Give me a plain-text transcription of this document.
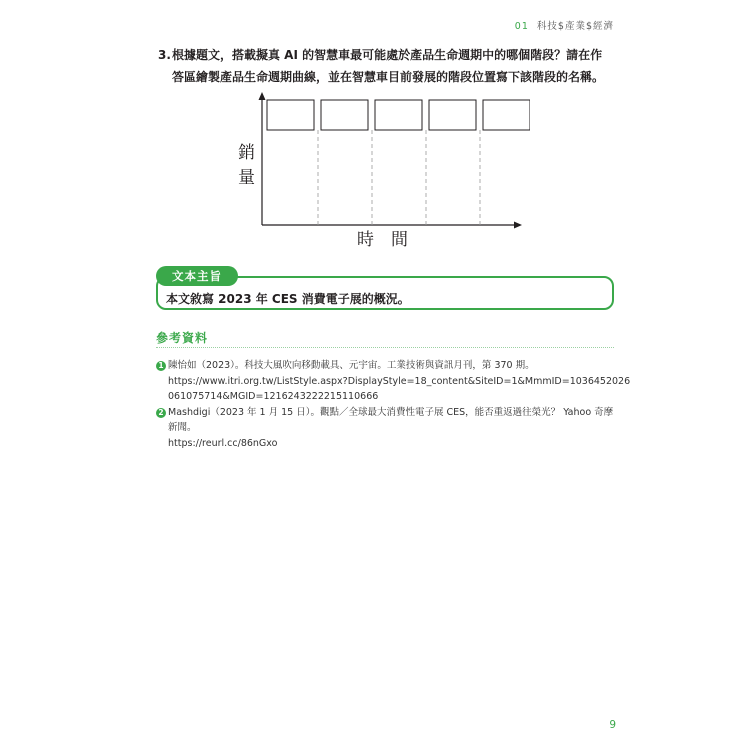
01 科技$產業$經濟
3.根據題文，搭載擬真 AI 的智慧車最可能處於產品生命週期中的哪個階段？請在作
答區繪製產品生命週期曲線，並在智慧車目前發展的階段位置寫下該階段的名稱。
銷
量
時　間
文本主旨
本文敘寫 2023 年 CES 消費電子展的概況。
參考資料
1 陳怡如（2023）。科技大風吹向移動載具、元宇宙。工業技術與資訊月刊，第 370 期。
https://www.itri.org.tw/ListStyle.aspx?DisplayStyle=18_content&SiteID=1&MmmID=1036452026
061075714&MGID=1216243222215110666
2 Mashdigi（2023 年 1 月 15 日）。觀點／全球最大消費性電子展 CES，能否重返過往榮光？ Yahoo 奇摩
新聞。
https://reurl.cc/86nGxo
9
